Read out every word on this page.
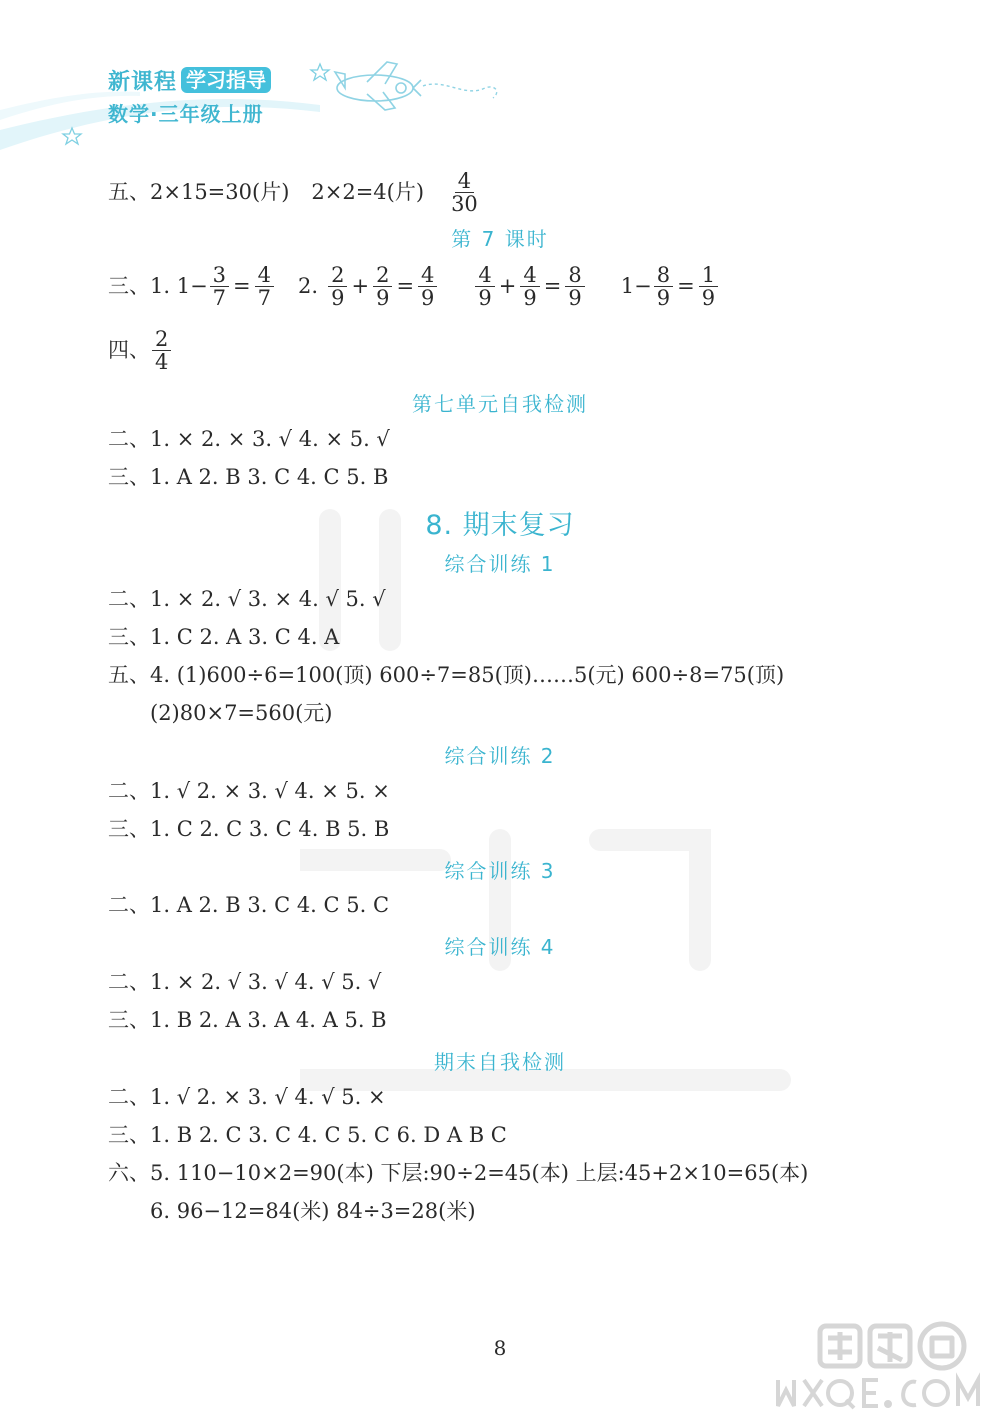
新课程 学习指导
数学·三年级上册
五、 2×15=30(片) 2×2=4(片) $\frac{4}{30}$
第 7 课时
三、 1. $1- \frac{3}{7} = \frac{4}{7} 2$. $\frac{2}{9} + \frac{2}{9} = \frac{4}{9} \frac{4}{9} + \frac{4}{9} = \frac{8}{9} 1- \frac{8}{9} = \frac{1}{9}$
四、 $\frac{2}{4}$
第七单元自我检测
二、1. × 2. × 3. √ 4. × 5. √
三、1. A 2. B 3. C 4. C 5. B
8. 期末复习
综合训练 1
二、1. × 2. √ 3. × 4. √ 5. √
三、1. C 2. A 3. C 4. A
五、4. (1)600÷6=100(顶) 600÷7=85(顶)……5(元) 600÷8=75(顶)
(2)80×7=560(元)
综合训练 2
二、1. √ 2. × 3. √ 4. × 5. ×
三、1. C 2. C 3. C 4. B 5. B
综合训练 3
二、1. A 2. B 3. C 4. C 5. C
综合训练 4
二、1. × 2. √ 3. √ 4. √ 5. √
三、1. B 2. A 3. A 4. A 5. B
期末自我检测
二、1. √ 2. × 3. √ 4. √ 5. ×
三、1. B 2. C 3. C 4. C 5. C 6. D A B C
六、5. 110−10×2=90(本) 下层:90÷2=45(本) 上层:45+2×10=65(本)
6. 96−12=84(米) 84÷3=28(米)
8
